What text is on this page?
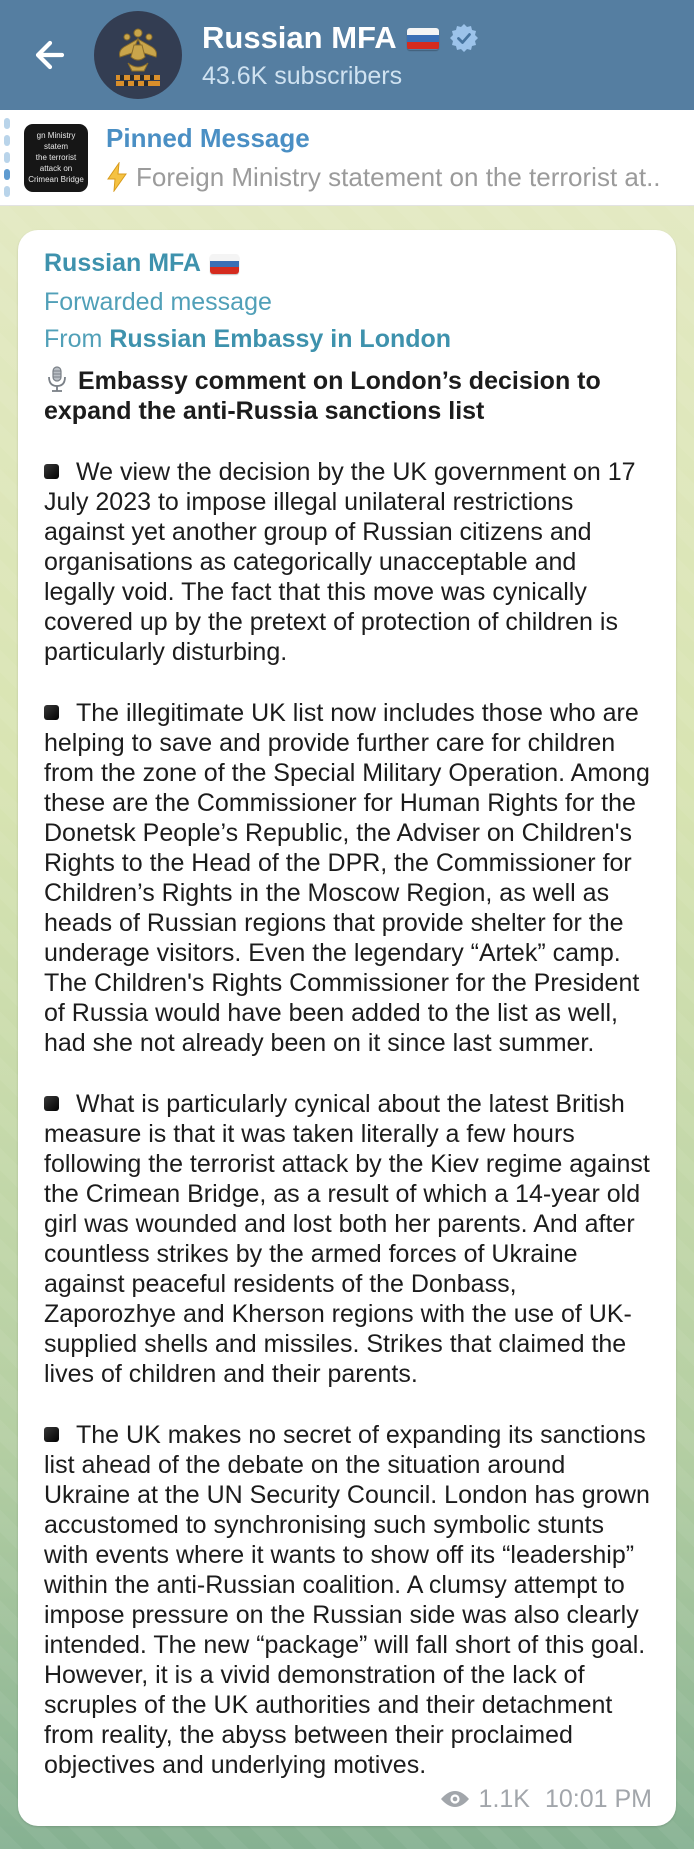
Russian MFA
43.6K subscribers
gn Ministry statem
the terrorist attack on
Crimean Bridge
Pinned Message
Foreign Ministry statement on the terrorist at..
Russian MFA
Forwarded message
From Russian Embassy in London
Embassy comment on London’s decision to expand the anti-Russia sanctions list
We view the decision by the UK government on 17 July 2023 to impose illegal unilateral restrictions against yet another group of Russian citizens and organisations as categorically unacceptable and legally void. The fact that this move was cynically covered up by the pretext of protection of children is particularly disturbing.
The illegitimate UK list now includes those who are helping to save and provide further care for children from the zone of the Special Military Operation. Among these are the Commissioner for Human Rights for the Donetsk People’s Republic, the Adviser on Children's Rights to the Head of the DPR, the Commissioner for Children’s Rights in the Moscow Region, as well as heads of Russian regions that provide shelter for the underage visitors. Even the legendary “Artek” camp. The Children's Rights Commissioner for the President of Russia would have been added to the list as well, had she not already been on it since last summer.
What is particularly cynical about the latest British measure is that it was taken literally a few hours following the terrorist attack by the Kiev regime against the Crimean Bridge, as a result of which a 14-year old girl was wounded and lost both her parents. And after countless strikes by the armed forces of Ukraine against peaceful residents of the Donbass, Zaporozhye and Kherson regions with the use of UK-supplied shells and missiles. Strikes that claimed the lives of children and their parents.
The UK makes no secret of expanding its sanctions list ahead of the debate on the situation around Ukraine at the UN Security Council. London has grown accustomed to synchronising such symbolic stunts with events where it wants to show off its “leadership” within the anti-Russian coalition. A clumsy attempt to impose pressure on the Russian side was also clearly intended. The new “package” will fall short of this goal. However, it is a vivid demonstration of the lack of scruples of the UK authorities and their detachment from reality, the abyss between their proclaimed objectives and underlying motives.
1.1K 10:01 PM
